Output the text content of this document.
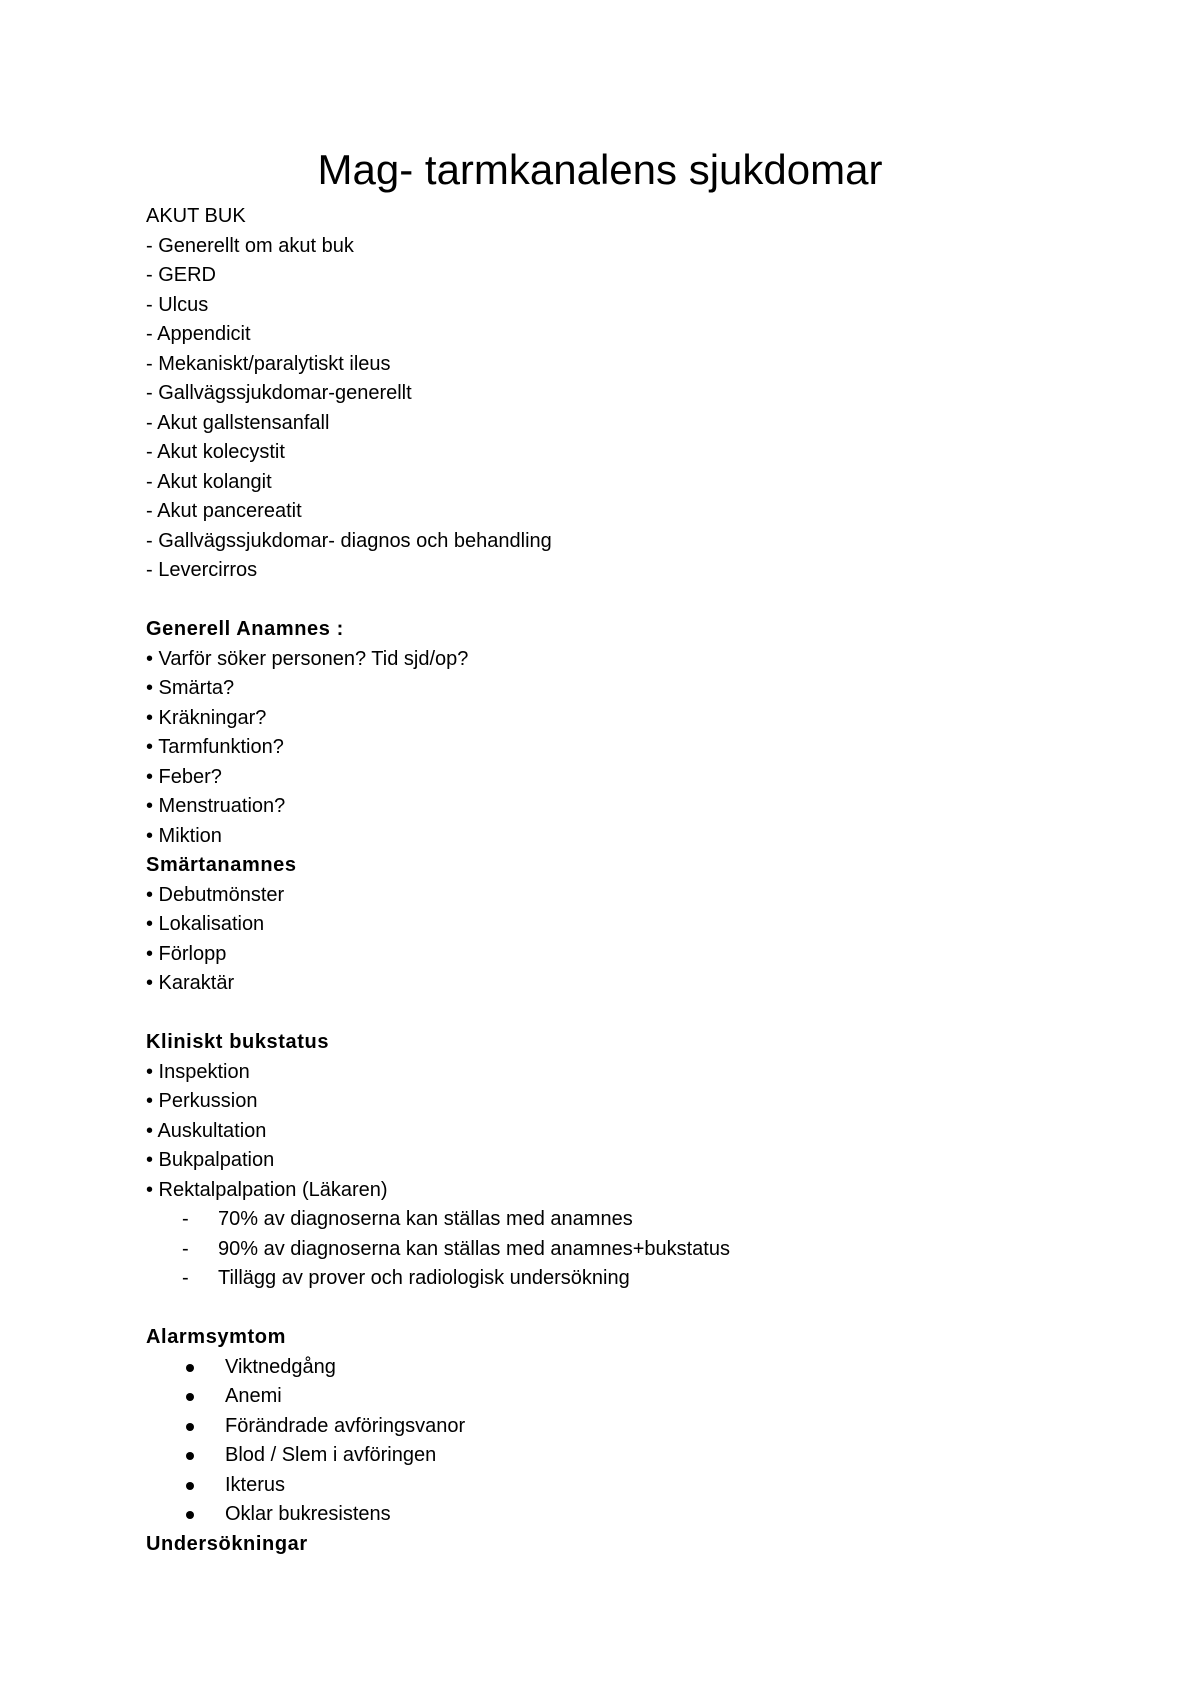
Mag- tarmkanalens sjukdomar
AKUT BUK
- Generellt om akut buk
- GERD
- Ulcus
- Appendicit
- Mekaniskt/paralytiskt ileus
- Gallvägssjukdomar-generellt
- Akut gallstensanfall
- Akut kolecystit
- Akut kolangit
- Akut pancereatit
- Gallvägssjukdomar- diagnos och behandling
- Levercirros
Generell Anamnes :
• Varför söker personen? Tid sjd/op?
• Smärta?
• Kräkningar?
• Tarmfunktion?
• Feber?
• Menstruation?
• Miktion
Smärtanamnes
• Debutmönster
• Lokalisation
• Förlopp
• Karaktär
Kliniskt bukstatus
• Inspektion
• Perkussion
• Auskultation
• Bukpalpation
• Rektalpalpation (Läkaren)
- 70% av diagnoserna kan ställas med anamnes
- 90% av diagnoserna kan ställas med anamnes+bukstatus
- Tillägg av prover och radiologisk undersökning
Alarmsymtom
Viktnedgång
Anemi
Förändrade avföringsvanor
Blod / Slem i avföringen
Ikterus
Oklar bukresistens
Undersökningar
